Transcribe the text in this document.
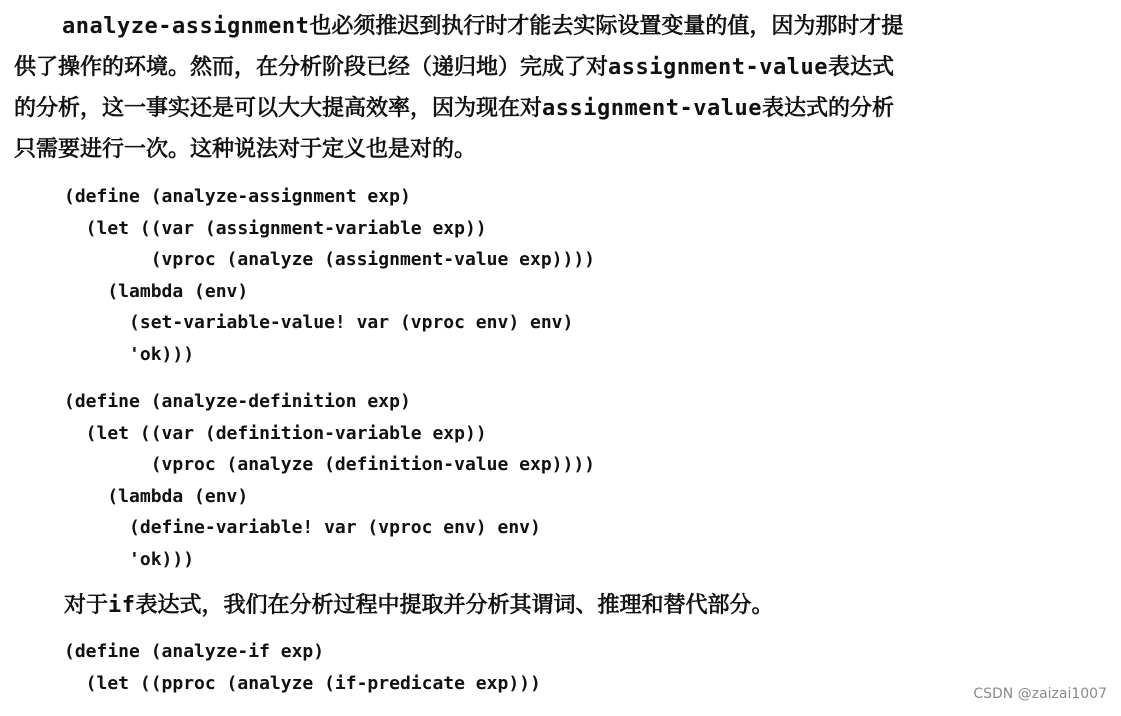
analyze-assignment也必须推迟到执行时才能去实际设置变量的值，因为那时才提
供了操作的环境。然而，在分析阶段已经（递归地）完成了对assignment-value表达式
的分析，这一事实还是可以大大提高效率，因为现在对assignment-value表达式的分析
只需要进行一次。这种说法对于定义也是对的。
(define (analyze-assignment exp)
(let ((var (assignment-variable exp))
(vproc (analyze (assignment-value exp))))
(lambda (env)
(set-variable-value! var (vproc env) env)
'ok)))
(define (analyze-definition exp)
(let ((var (definition-variable exp))
(vproc (analyze (definition-value exp))))
(lambda (env)
(define-variable! var (vproc env) env)
'ok)))
对于if表达式，我们在分析过程中提取并分析其谓词、推理和替代部分。
(define (analyze-if exp)
(let ((pproc (analyze (if-predicate exp)))
CSDN @zaizai1007
